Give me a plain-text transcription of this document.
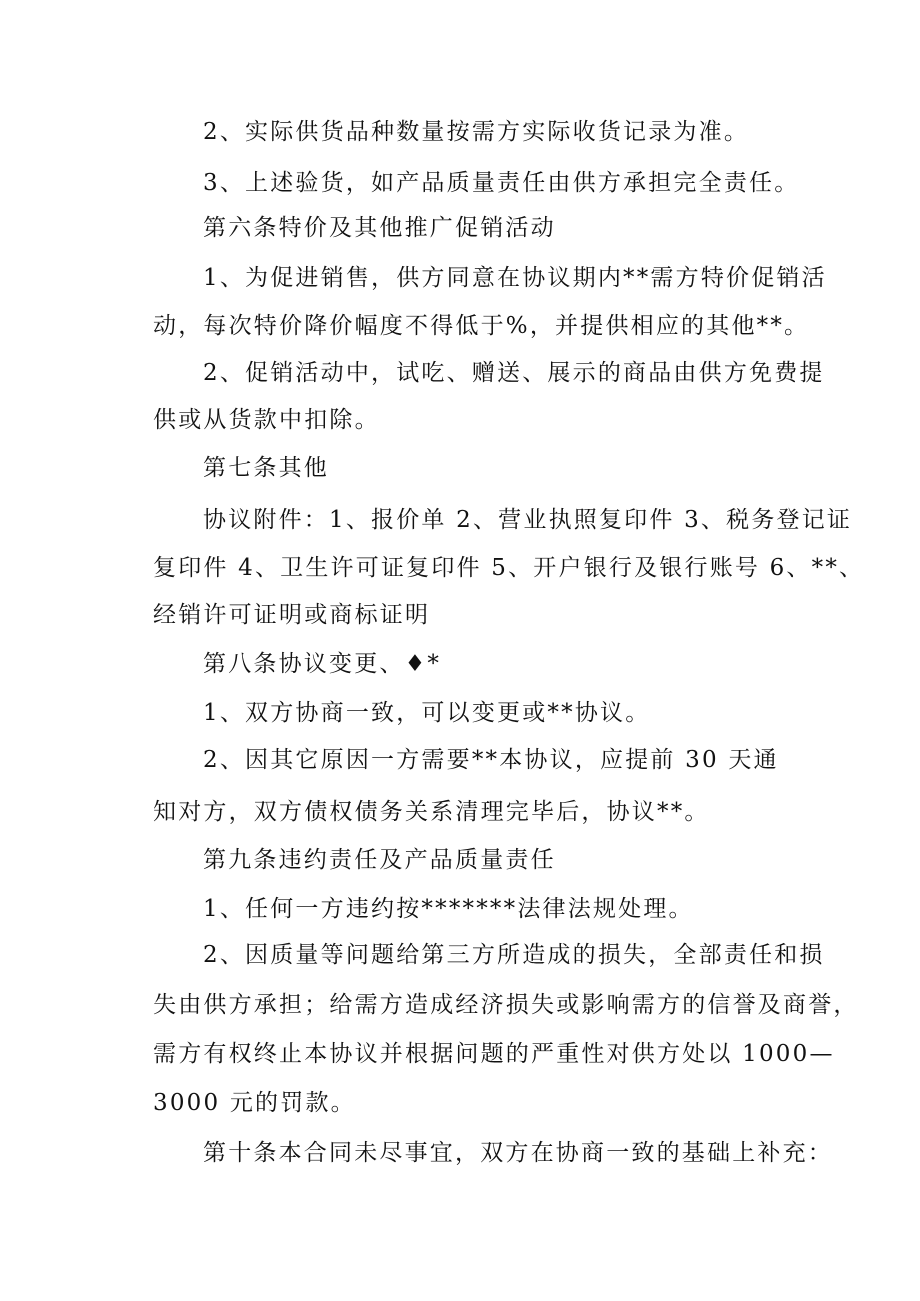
2、实际供货品种数量按需方实际收货记录为准。
3、上述验货，如产品质量责任由供方承担完全责任。
第六条特价及其他推广促销活动
1、为促进销售，供方同意在协议期内**需方特价促销活
动，每次特价降价幅度不得低于%，并提供相应的其他**。
2、促销活动中，试吃、赠送、展示的商品由供方免费提
供或从货款中扣除。
第七条其他
协议附件：1、报价单 2、营业执照复印件 3、税务登记证
复印件 4、卫生许可证复印件 5、开户银行及银行账号 6、**、
经销许可证明或商标证明
第八条协议变更、♦*
1、双方协商一致，可以变更或**协议。
2、因其它原因一方需要**本协议，应提前 30 天通
知对方，双方债权债务关系清理完毕后，协议**。
第九条违约责任及产品质量责任
1、任何一方违约按*******法律法规处理。
2、因质量等问题给第三方所造成的损失，全部责任和损
失由供方承担；给需方造成经济损失或影响需方的信誉及商誉，
需方有权终止本协议并根据问题的严重性对供方处以 1000—
3000 元的罚款。
第十条本合同未尽事宜，双方在协商一致的基础上补充：
